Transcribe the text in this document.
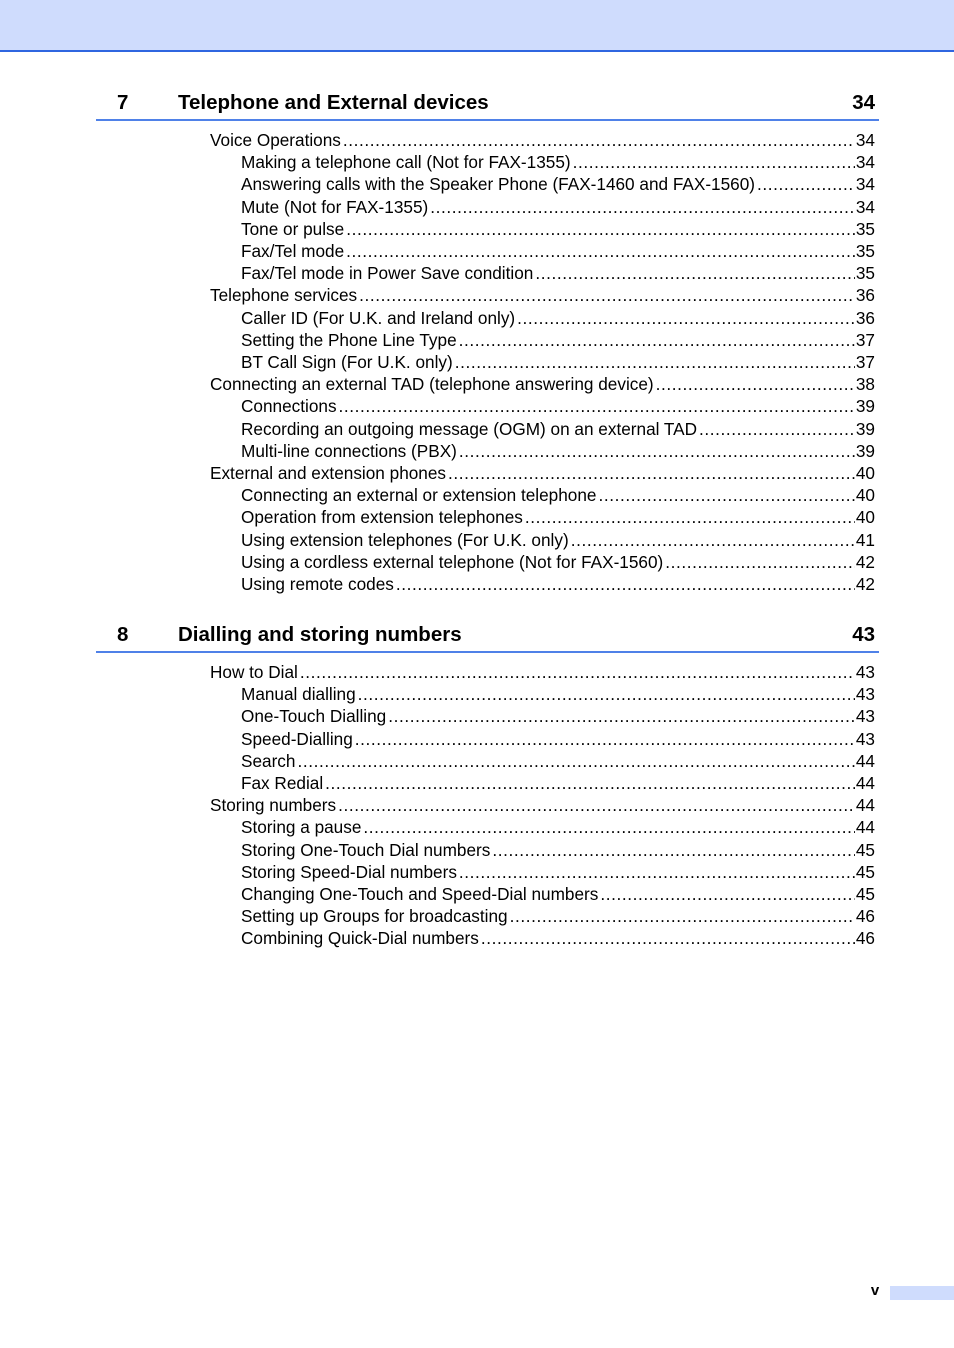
7 Telephone and External devices	34
Voice Operations .....	34
Making a telephone call (Not for FAX-1355) .....	34
Answering calls with the Speaker Phone (FAX-1460 and FAX-1560) .....	34
Mute (Not for FAX-1355) .....	34
Tone or pulse .....	35
Fax/Tel mode .....	35
Fax/Tel mode in Power Save condition .....	35
Telephone services .....	36
Caller ID (For U.K. and Ireland only) .....	36
Setting the Phone Line Type .....	37
BT Call Sign (For U.K. only) .....	37
Connecting an external TAD (telephone answering device) .....	38
Connections .....	39
Recording an outgoing message (OGM) on an external TAD .....	39
Multi-line connections (PBX) .....	39
External and extension phones .....	40
Connecting an external or extension telephone .....	40
Operation from extension telephones .....	40
Using extension telephones (For U.K. only) .....	41
Using a cordless external telephone (Not for FAX-1560) .....	42
Using remote codes .....	42
8 Dialling and storing numbers	43
How to Dial .....	43
Manual dialling .....	43
One-Touch Dialling .....	43
Speed-Dialling .....	43
Search .....	44
Fax Redial .....	44
Storing numbers .....	44
Storing a pause .....	44
Storing One-Touch Dial numbers .....	45
Storing Speed-Dial numbers .....	45
Changing One-Touch and Speed-Dial numbers .....	45
Setting up Groups for broadcasting .....	46
Combining Quick-Dial numbers .....	46
v
